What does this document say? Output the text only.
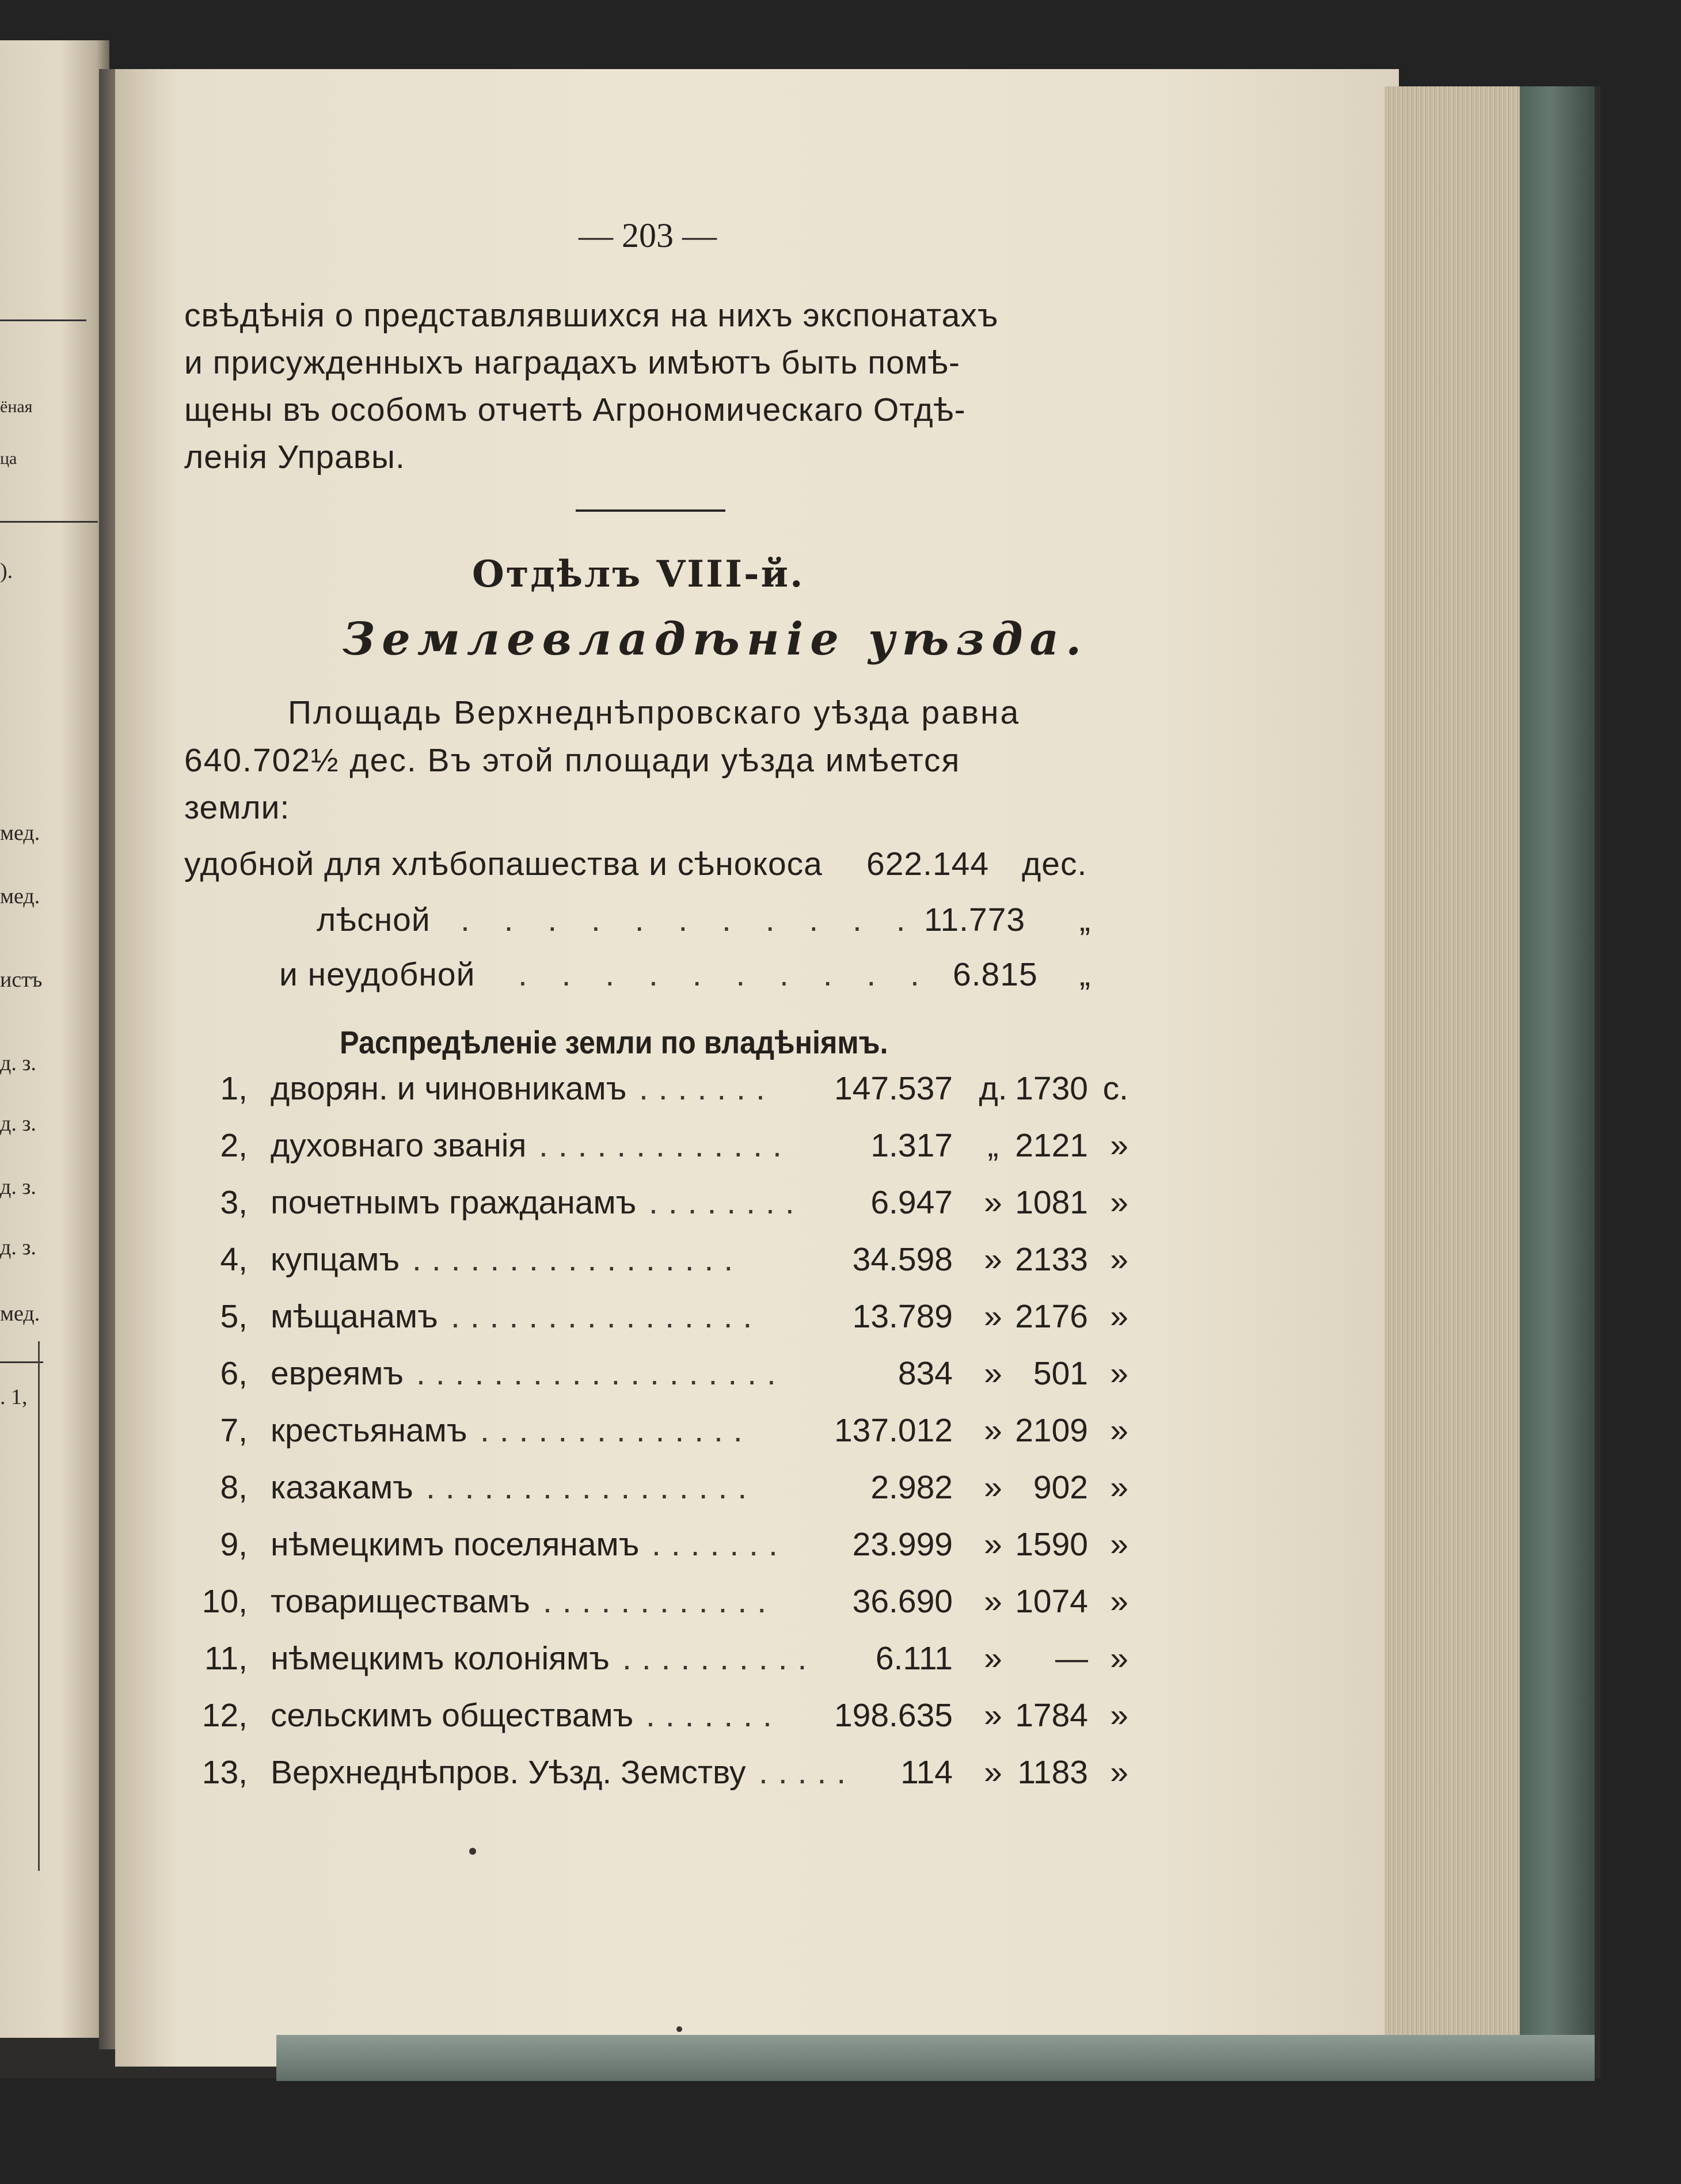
ёная
ца
).
мед.
мед.
истъ
д. з.
д. з.
д. з.
д. з.
мед.
. 1,
— 203 —
свѣдѣнія о представлявшихся на нихъ экспонатахъ
и присужденныхъ наградахъ имѣютъ быть помѣ-
щены въ особомъ отчетѣ Агрономическаго Отдѣ-
ленія Управы.
Отдѣлъ VIII-й.
Землевладѣніе уѣзда.
Площадь Верхнеднѣпровскаго уѣзда равна
640.702½ дес. Въ этой площади уѣзда имѣется
земли:
удобной для хлѣбопашества и сѣнокоса 622.144 дес.
лѣсной . . . . . . . . . . . 11.773 „
и неудобной . . . . . . . . . . 6.815 „
Распредѣленіе земли по владѣніямъ.
1, дворян. и чиновникамъ	147.537 д. 1730 с.
.......
2, духовнаго званія	1.317	„ 2121 »
.............
3, почетнымъ гражданамъ	6.947 » 1081 »
........
4, купцамъ	34.598 » 2133 »
.................
5, мѣщанамъ	13.789 » 2176 »
................
6, евреямъ	834 » 501 »
...................
7, крестьянамъ	137.012 » 2109 »
..............
8, казакамъ	2.982 » 902 »
.................
9, нѣмецкимъ поселянамъ	23.999 » 1590 »
.......
10, товариществамъ	36.690 » 1074 »
............
11, нѣмецкимъ колоніямъ	6.111 »	— »
..........
12, сельскимъ обществамъ	198.635 » 1784 »
.......
13, Верхнеднѣпров. Уѣзд. Земству	114 » 1183 »
.....
